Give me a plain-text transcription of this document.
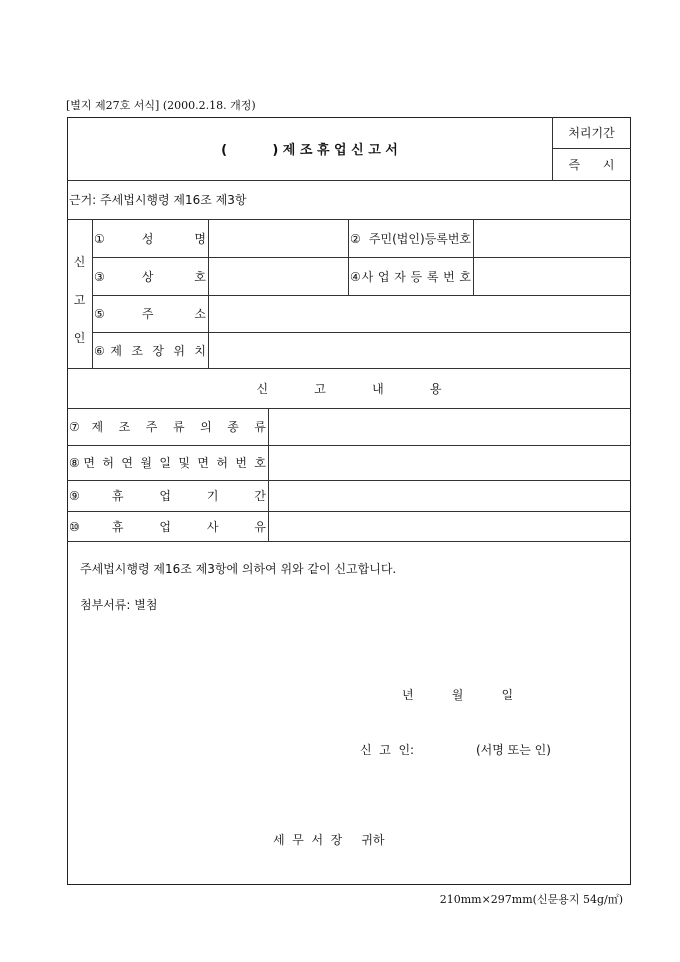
[별지 제27호 서식] (2000.2.18. 개정)
(          ) 제 조 휴 업 신 고 서
처리기간
즉      시
근거: 주세법시행령 제16조 제3항
신
고
인
①성 명	②주민(법인)등록번호
③상 호	④사 업 자 등 록 번 호
⑤주 소
⑥제 조 장 위 치
신 고 내 용
⑦제 조 주 류 의 종 류
⑧면 허 연 월 일 및 면 허 번 호
⑨휴 업 기 간
⑩휴 업 사 유
주세법시행령 제16조 제3항에 의하여 위와 같이 신고합니다.
첨부서류: 별첨
년          월          일
신  고  인:	(서명 또는 인)
세  무  서  장     귀하
210mm×297mm(신문용지 54g/㎡)
